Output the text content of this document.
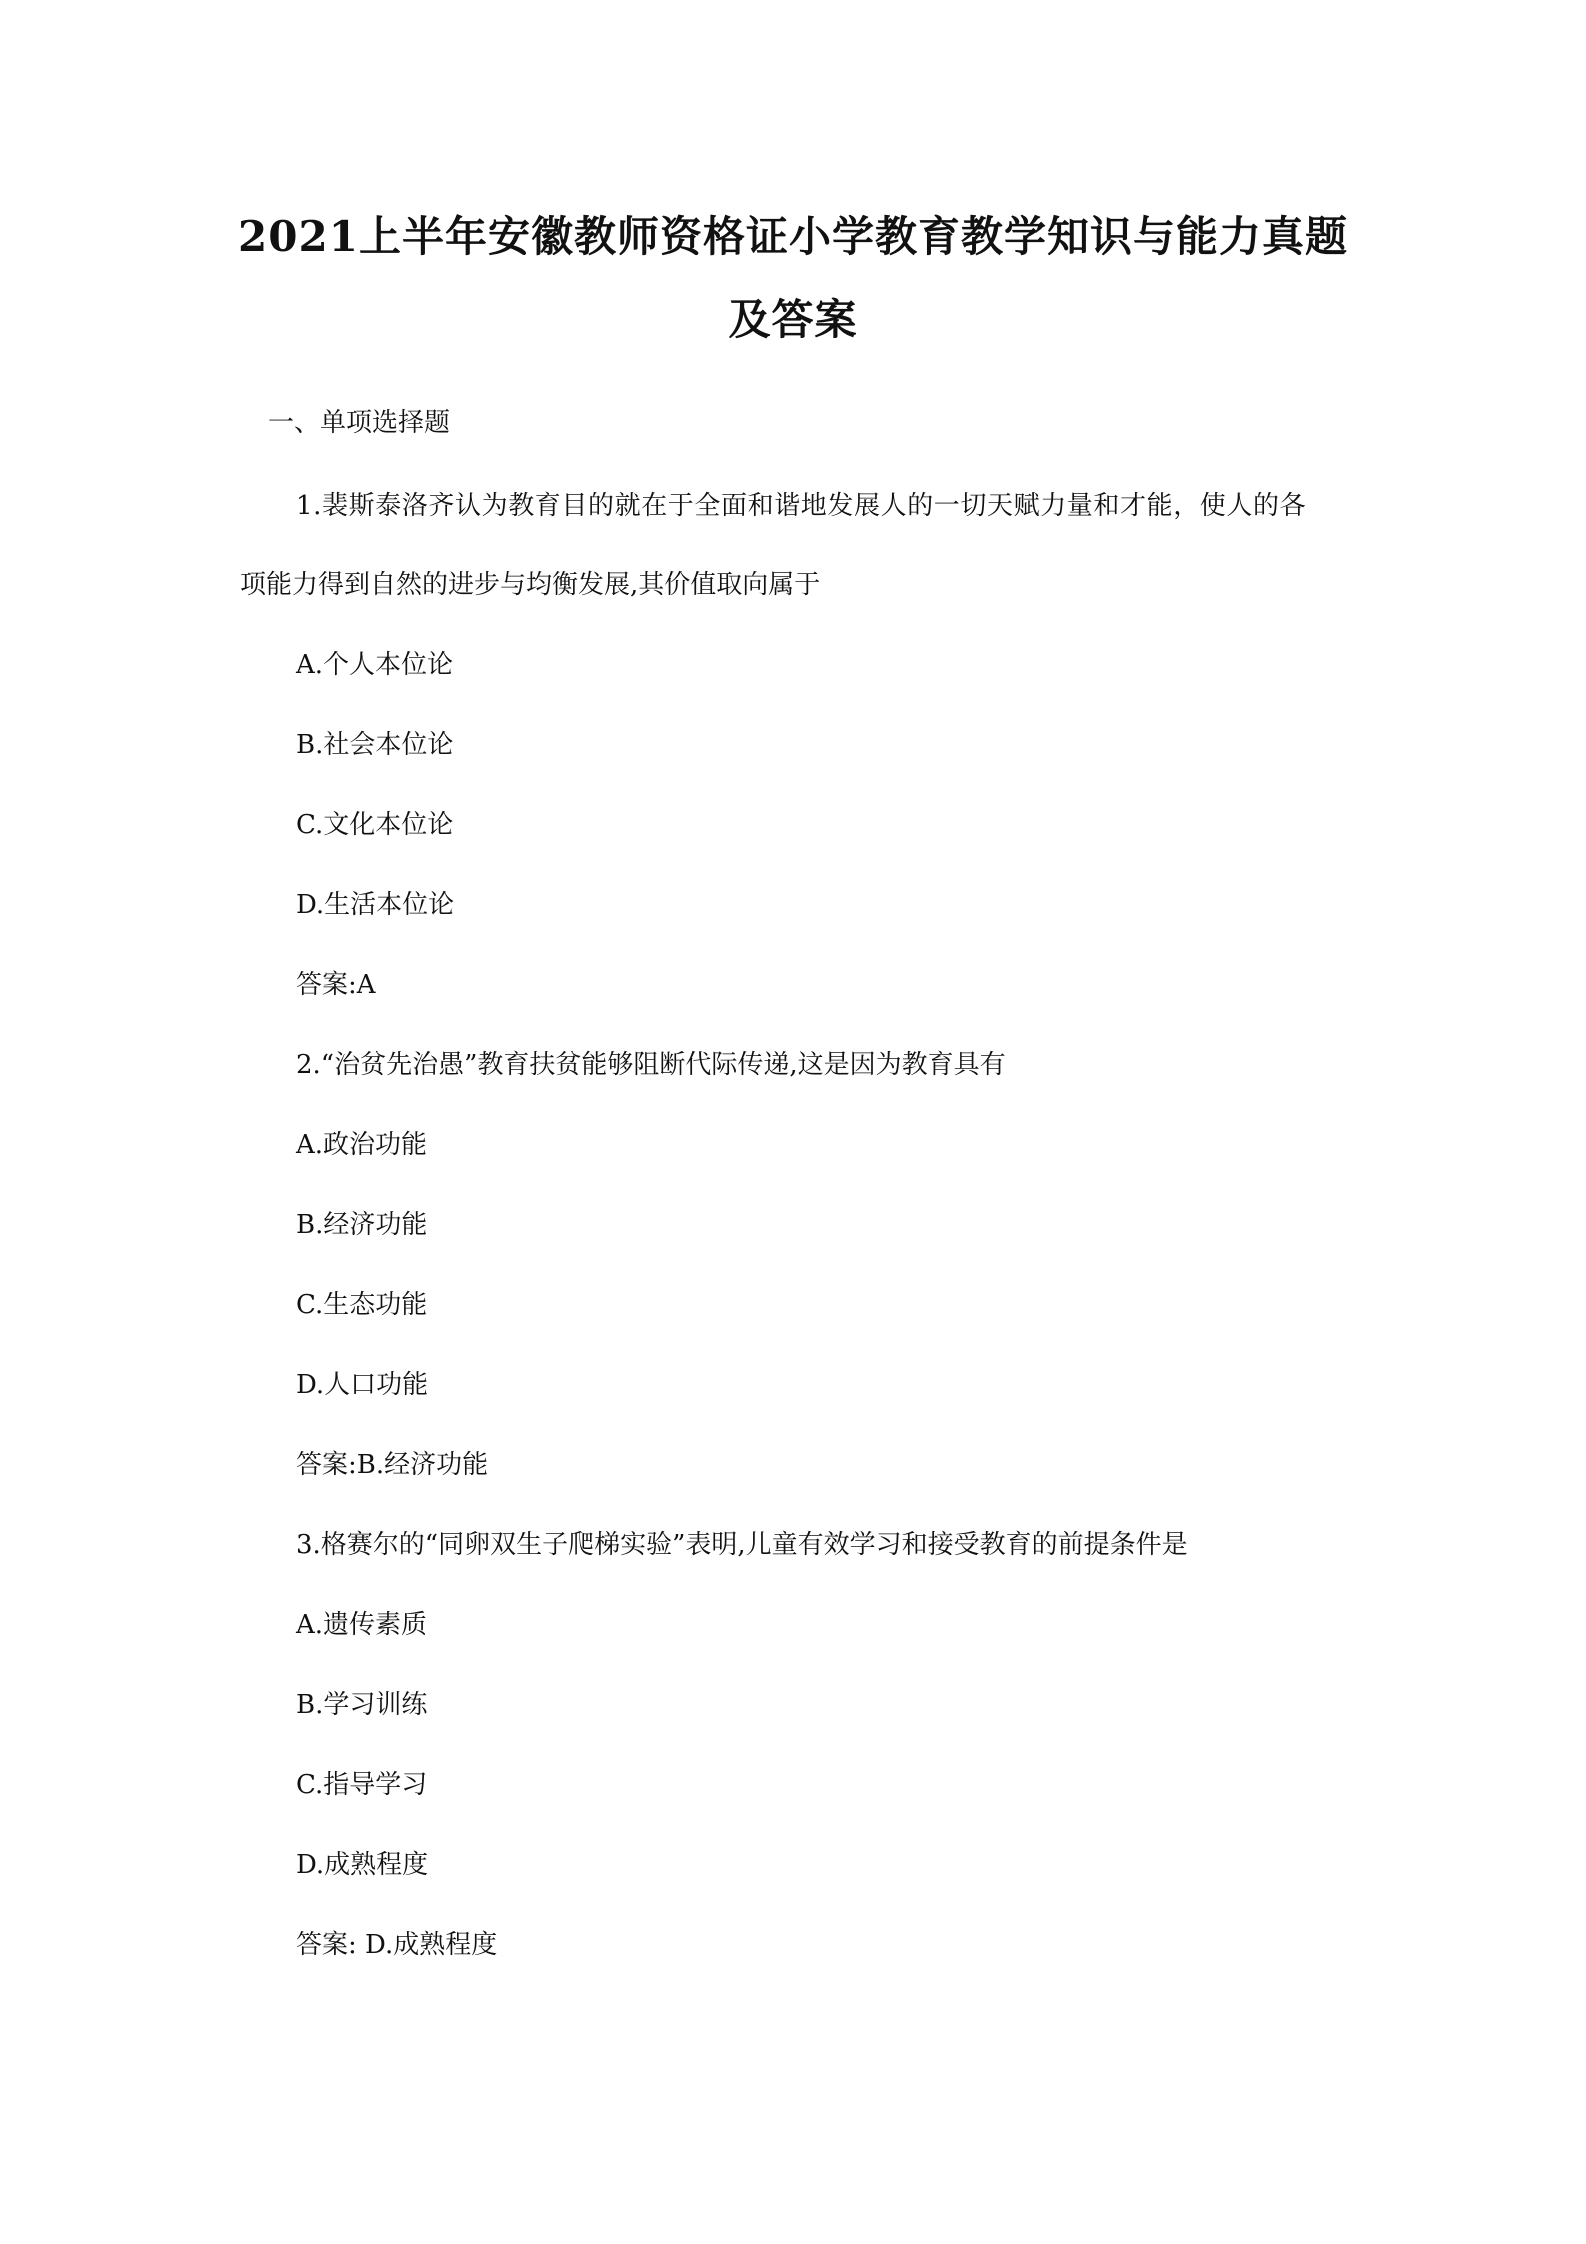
2021上半年安徽教师资格证小学教育教学知识与能力真题
及答案

一、单项选择题

1.裴斯泰洛齐认为教育目的就在于全面和谐地发展人的一切天赋力量和才能，使人的各

项能力得到自然的进步与均衡发展,其价值取向属于

A.个人本位论

B.社会本位论

C.文化本位论

D.生活本位论

答案:A

2.“治贫先治愚”教育扶贫能够阻断代际传递,这是因为教育具有

A.政治功能

B.经济功能

C.生态功能

D.人口功能

答案:B.经济功能

3.格赛尔的“同卵双生子爬梯实验”表明,儿童有效学习和接受教育的前提条件是

A.遗传素质

B.学习训练

C.指导学习

D.成熟程度

答案: D.成熟程度
